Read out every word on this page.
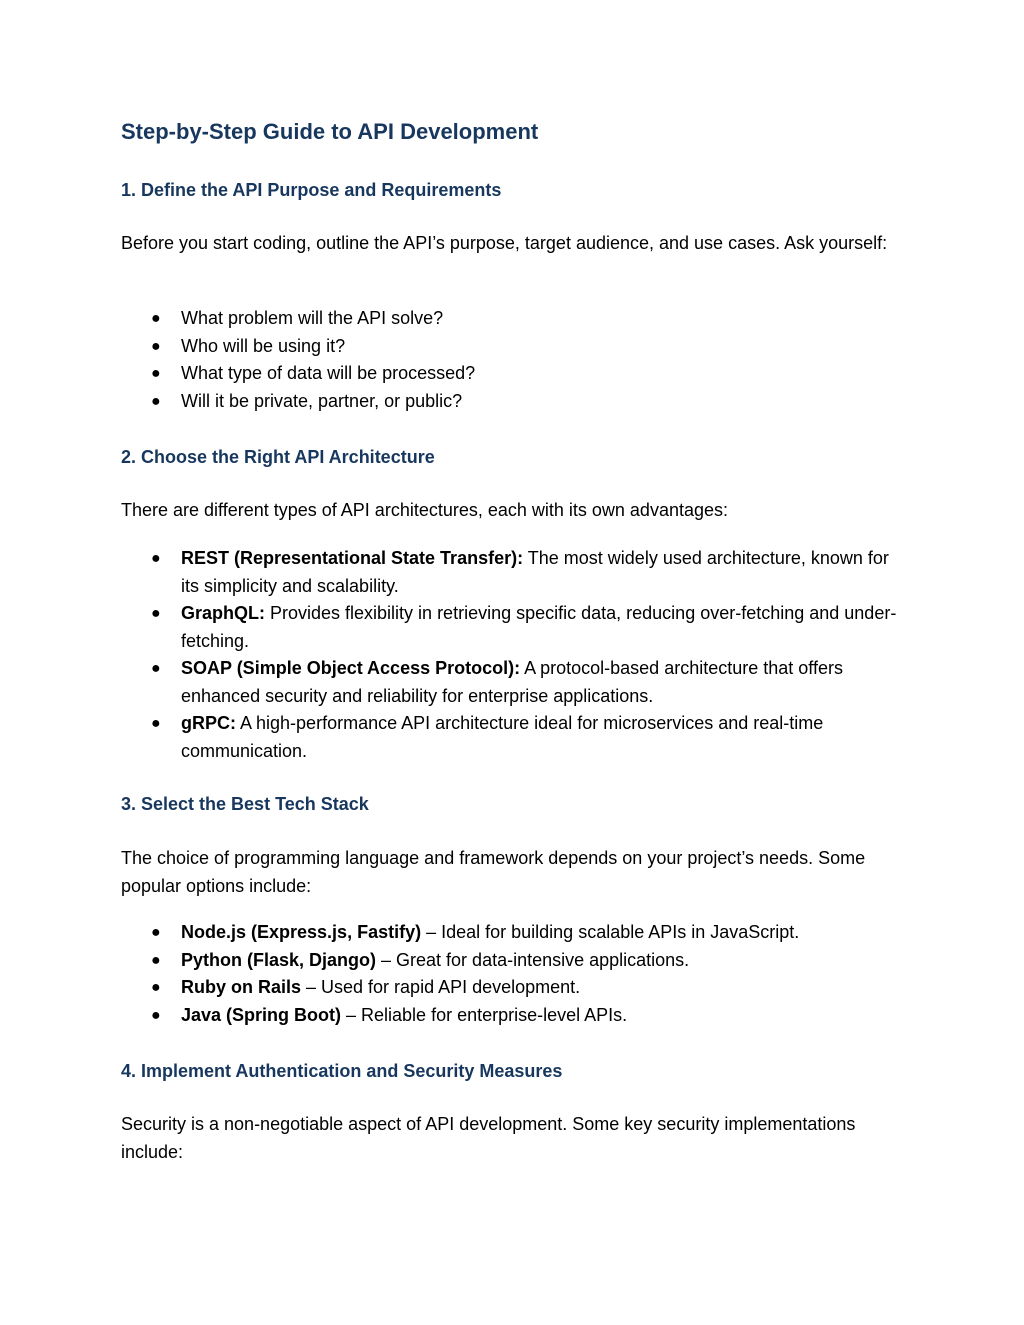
Step-by-Step Guide to API Development
1. Define the API Purpose and Requirements

Before you start coding, outline the API’s purpose, target audience, and use cases. Ask yourself:

● What problem will the API solve?
● Who will be using it?
● What type of data will be processed?
● Will it be private, partner, or public?
2. Choose the Right API Architecture

There are different types of API architectures, each with its own advantages:

● REST (Representational State Transfer): The most widely used architecture, known for its simplicity and scalability.
● GraphQL: Provides flexibility in retrieving specific data, reducing over-fetching and under-fetching.
● SOAP (Simple Object Access Protocol): A protocol-based architecture that offers enhanced security and reliability for enterprise applications.
● gRPC: A high-performance API architecture ideal for microservices and real-time communication.
3. Select the Best Tech Stack

The choice of programming language and framework depends on your project’s needs. Some popular options include:

● Node.js (Express.js, Fastify) – Ideal for building scalable APIs in JavaScript.
● Python (Flask, Django) – Great for data-intensive applications.
● Ruby on Rails – Used for rapid API development.
● Java (Spring Boot) – Reliable for enterprise-level APIs.
4. Implement Authentication and Security Measures

Security is a non-negotiable aspect of API development. Some key security implementations include:
